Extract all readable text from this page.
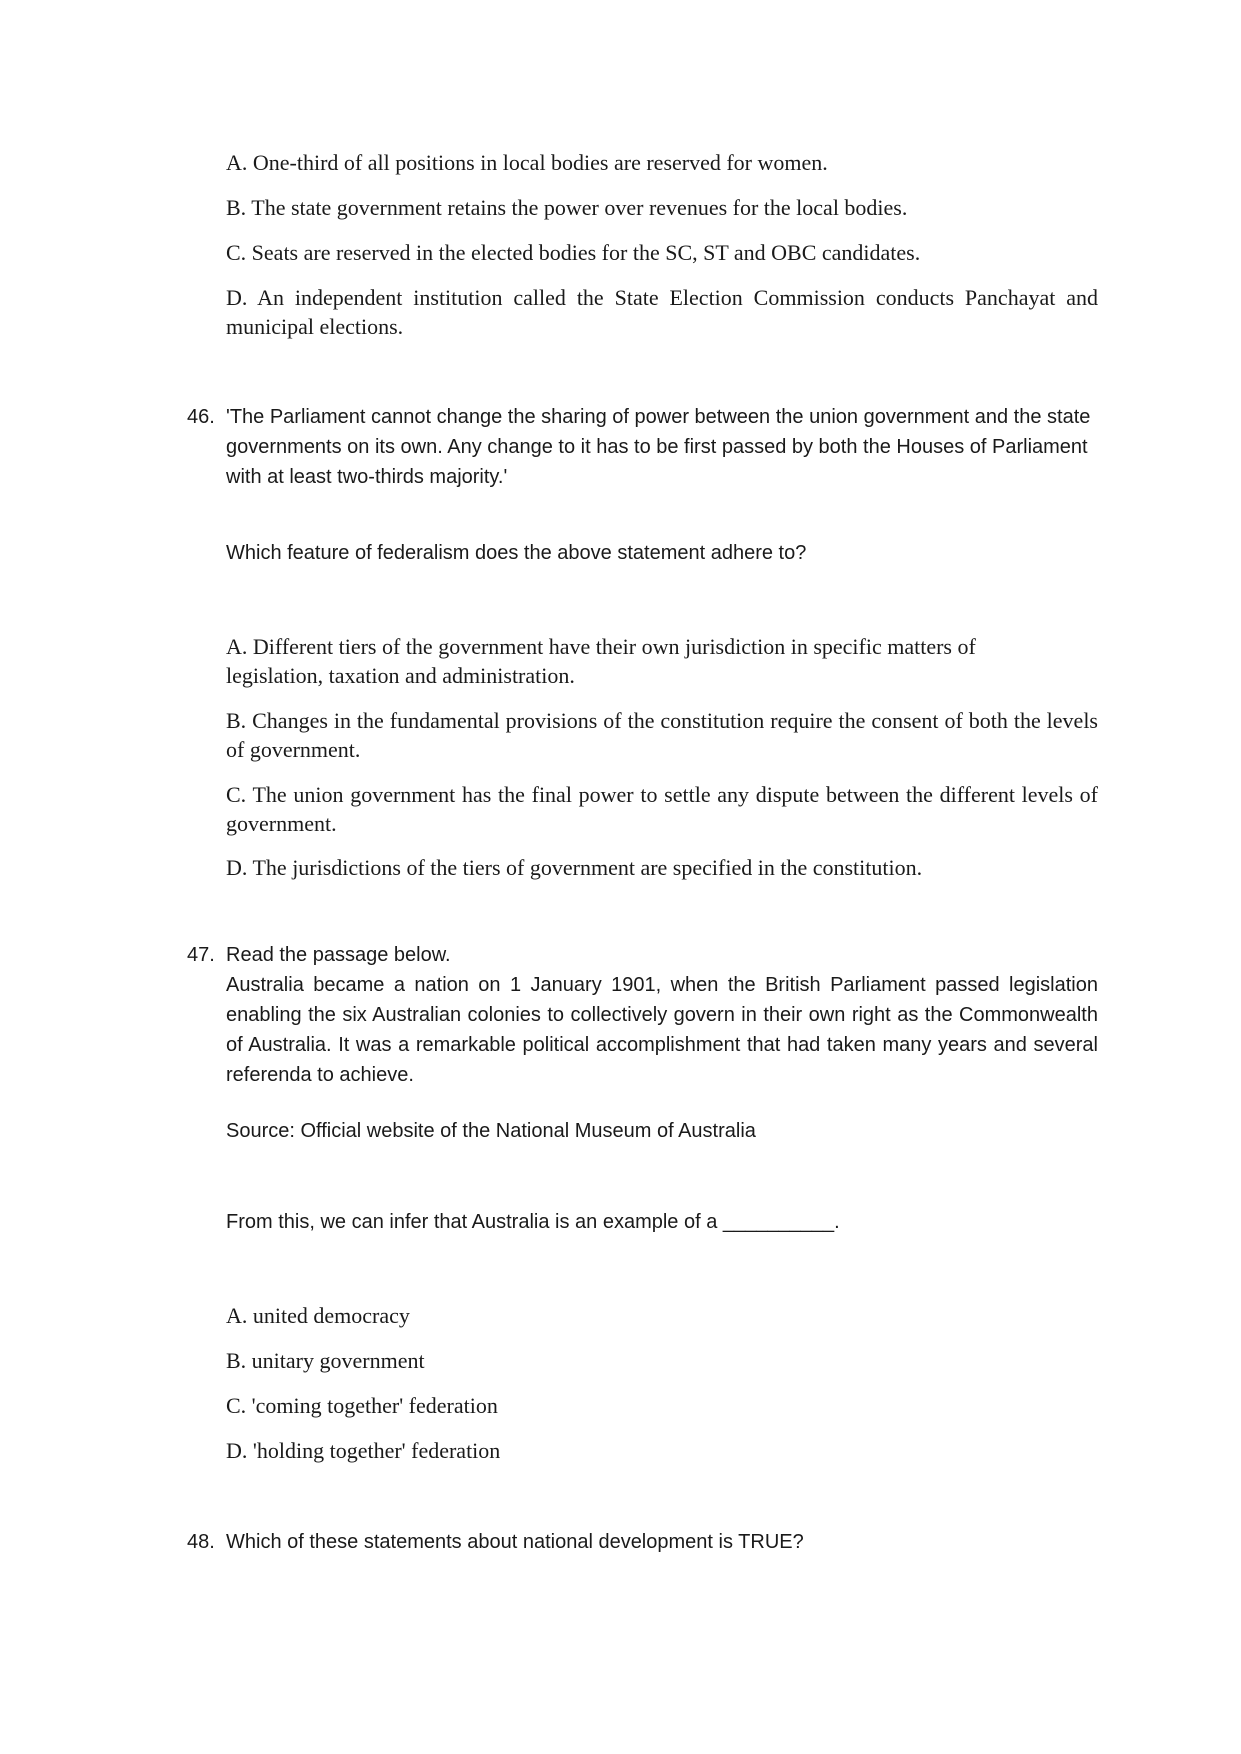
A. One-third of all positions in local bodies are reserved for women.

B. The state government retains the power over revenues for the local bodies.

C. Seats are reserved in the elected bodies for the SC, ST and OBC candidates.

D. An independent institution called the State Election Commission conducts Panchayat and municipal elections.

46. 'The Parliament cannot change the sharing of power between the union government and the state governments on its own. Any change to it has to be first passed by both the Houses of Parliament with at least two-thirds majority.'

Which feature of federalism does the above statement adhere to?

A. Different tiers of the government have their own jurisdiction in specific matters of legislation, taxation and administration.

B. Changes in the fundamental provisions of the constitution require the consent of both the levels of government.

C. The union government has the final power to settle any dispute between the different levels of government.

D. The jurisdictions of the tiers of government are specified in the constitution.

47. Read the passage below.

Australia became a nation on 1 January 1901, when the British Parliament passed legislation enabling the six Australian colonies to collectively govern in their own right as the Commonwealth of Australia. It was a remarkable political accomplishment that had taken many years and several referenda to achieve.

Source: Official website of the National Museum of Australia

From this, we can infer that Australia is an example of a __________.

A. united democracy

B. unitary government

C. 'coming together' federation

D. 'holding together' federation

48. Which of these statements about national development is TRUE?
